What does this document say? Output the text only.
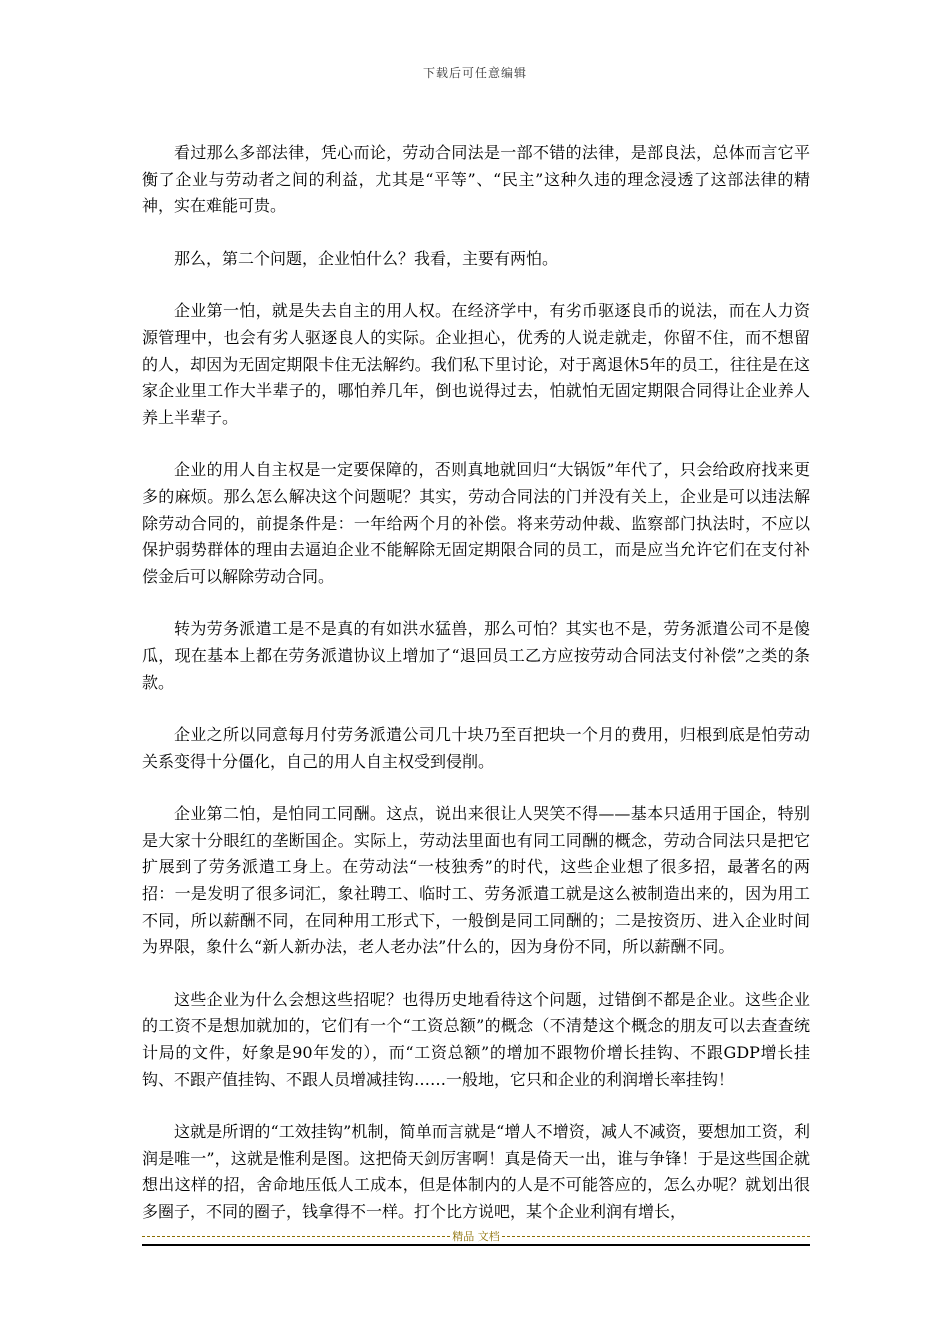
下载后可任意编辑

看过那么多部法律，凭心而论，劳动合同法是一部不错的法律，是部良法，总体而言它平衡了企业与劳动者之间的利益，尤其是“平等”、“民主”这种久违的理念浸透了这部法律的精神，实在难能可贵。

那么，第二个问题，企业怕什么？我看，主要有两怕。

企业第一怕，就是失去自主的用人权。在经济学中，有劣币驱逐良币的说法，而在人力资源管理中，也会有劣人驱逐良人的实际。企业担心，优秀的人说走就走，你留不住，而不想留的人，却因为无固定期限卡住无法解约。我们私下里讨论，对于离退休5年的员工，往往是在这家企业里工作大半辈子的，哪怕养几年，倒也说得过去，怕就怕无固定期限合同得让企业养人养上半辈子。

企业的用人自主权是一定要保障的，否则真地就回归“大锅饭”年代了，只会给政府找来更多的麻烦。那么怎么解决这个问题呢？其实，劳动合同法的门并没有关上，企业是可以违法解除劳动合同的，前提条件是：一年给两个月的补偿。将来劳动仲裁、监察部门执法时，不应以保护弱势群体的理由去逼迫企业不能解除无固定期限合同的员工，而是应当允许它们在支付补偿金后可以解除劳动合同。

转为劳务派遣工是不是真的有如洪水猛兽，那么可怕？其实也不是，劳务派遣公司不是傻瓜，现在基本上都在劳务派遣协议上增加了“退回员工乙方应按劳动合同法支付补偿”之类的条款。

企业之所以同意每月付劳务派遣公司几十块乃至百把块一个月的费用，归根到底是怕劳动关系变得十分僵化，自己的用人自主权受到侵削。

企业第二怕，是怕同工同酬。这点，说出来很让人哭笑不得——基本只适用于国企，特别是大家十分眼红的垄断国企。实际上，劳动法里面也有同工同酬的概念，劳动合同法只是把它扩展到了劳务派遣工身上。在劳动法“一枝独秀”的时代，这些企业想了很多招，最著名的两招：一是发明了很多词汇，象社聘工、临时工、劳务派遣工就是这么被制造出来的，因为用工不同，所以薪酬不同，在同种用工形式下，一般倒是同工同酬的；二是按资历、进入企业时间为界限，象什么“新人新办法，老人老办法”什么的，因为身份不同，所以薪酬不同。

这些企业为什么会想这些招呢？也得历史地看待这个问题，过错倒不都是企业。这些企业的工资不是想加就加的，它们有一个“工资总额”的概念（不清楚这个概念的朋友可以去查查统计局的文件，好象是90年发的），而“工资总额”的增加不跟物价增长挂钩、不跟GDP增长挂钩、不跟产值挂钩、不跟人员增减挂钩……一般地，它只和企业的利润增长率挂钩！

这就是所谓的“工效挂钩”机制，简单而言就是“增人不增资，减人不减资，要想加工资，利润是唯一”，这就是惟利是图。这把倚天剑厉害啊！真是倚天一出，谁与争锋！于是这些国企就想出这样的招，舍命地压低人工成本，但是体制内的人是不可能答应的，怎么办呢？就划出很多圈子，不同的圈子，钱拿得不一样。打个比方说吧，某个企业利润有增长，

精品 文档
